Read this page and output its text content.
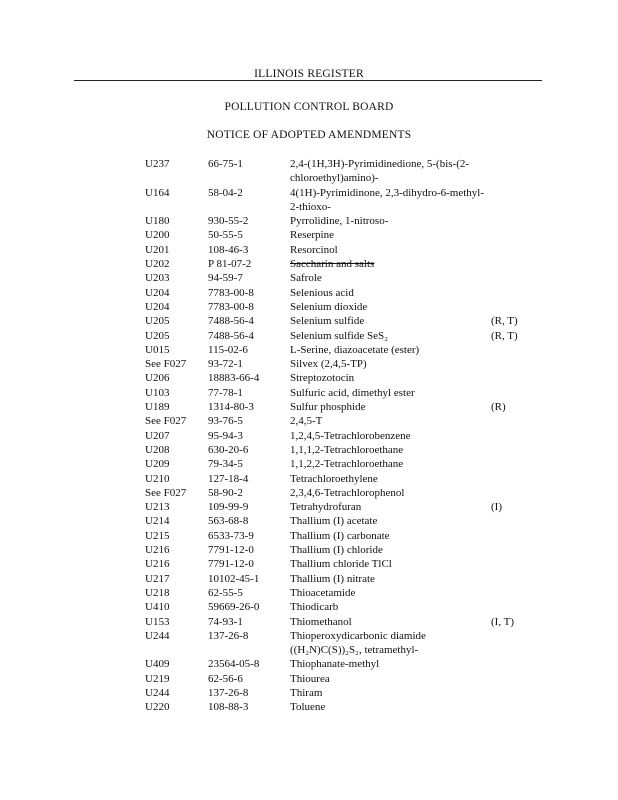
ILLINOIS REGISTER
POLLUTION CONTROL BOARD
NOTICE OF ADOPTED AMENDMENTS
U237	66-75-1	2,4-(1H,3H)-Pyrimidinedione, 5-(bis-(2-chloroethyl)amino)-
U164	58-04-2	4(1H)-Pyrimidinone, 2,3-dihydro-6-methyl-2-thioxo-
U180	930-55-2	Pyrrolidine, 1-nitroso-
U200	50-55-5	Reserpine
U201	108-46-3	Resorcinol
U202	P 81-07-2	Saccharin and salts
U203	94-59-7	Safrole
U204	7783-00-8	Selenious acid
U204	7783-00-8	Selenium dioxide
U205	7488-56-4	Selenium sulfide	(R, T)
U205	7488-56-4	Selenium sulfide SeS₂	(R, T)
U015	115-02-6	L-Serine, diazoacetate (ester)
See F027	93-72-1	Silvex (2,4,5-TP)
U206	18883-66-4	Streptozotocin
U103	77-78-1	Sulfuric acid, dimethyl ester
U189	1314-80-3	Sulfur phosphide	(R)
See F027	93-76-5	2,4,5-T
U207	95-94-3	1,2,4,5-Tetrachlorobenzene
U208	630-20-6	1,1,1,2-Tetrachloroethane
U209	79-34-5	1,1,2,2-Tetrachloroethane
U210	127-18-4	Tetrachloroethylene
See F027	58-90-2	2,3,4,6-Tetrachlorophenol
U213	109-99-9	Tetrahydrofuran	(I)
U214	563-68-8	Thallium (I) acetate
U215	6533-73-9	Thallium (I) carbonate
U216	7791-12-0	Thallium (I) chloride
U216	7791-12-0	Thallium chloride TlCl
U217	10102-45-1	Thallium (I) nitrate
U218	62-55-5	Thioacetamide
U410	59669-26-0	Thiodicarb
U153	74-93-1	Thiomethanol	(I, T)
U244	137-26-8	Thioperoxydicarbonic diamide ((H₂N)C(S))₂S₂, tetramethyl-
U409	23564-05-8	Thiophanate-methyl
U219	62-56-6	Thiourea
U244	137-26-8	Thiram
U220	108-88-3	Toluene
